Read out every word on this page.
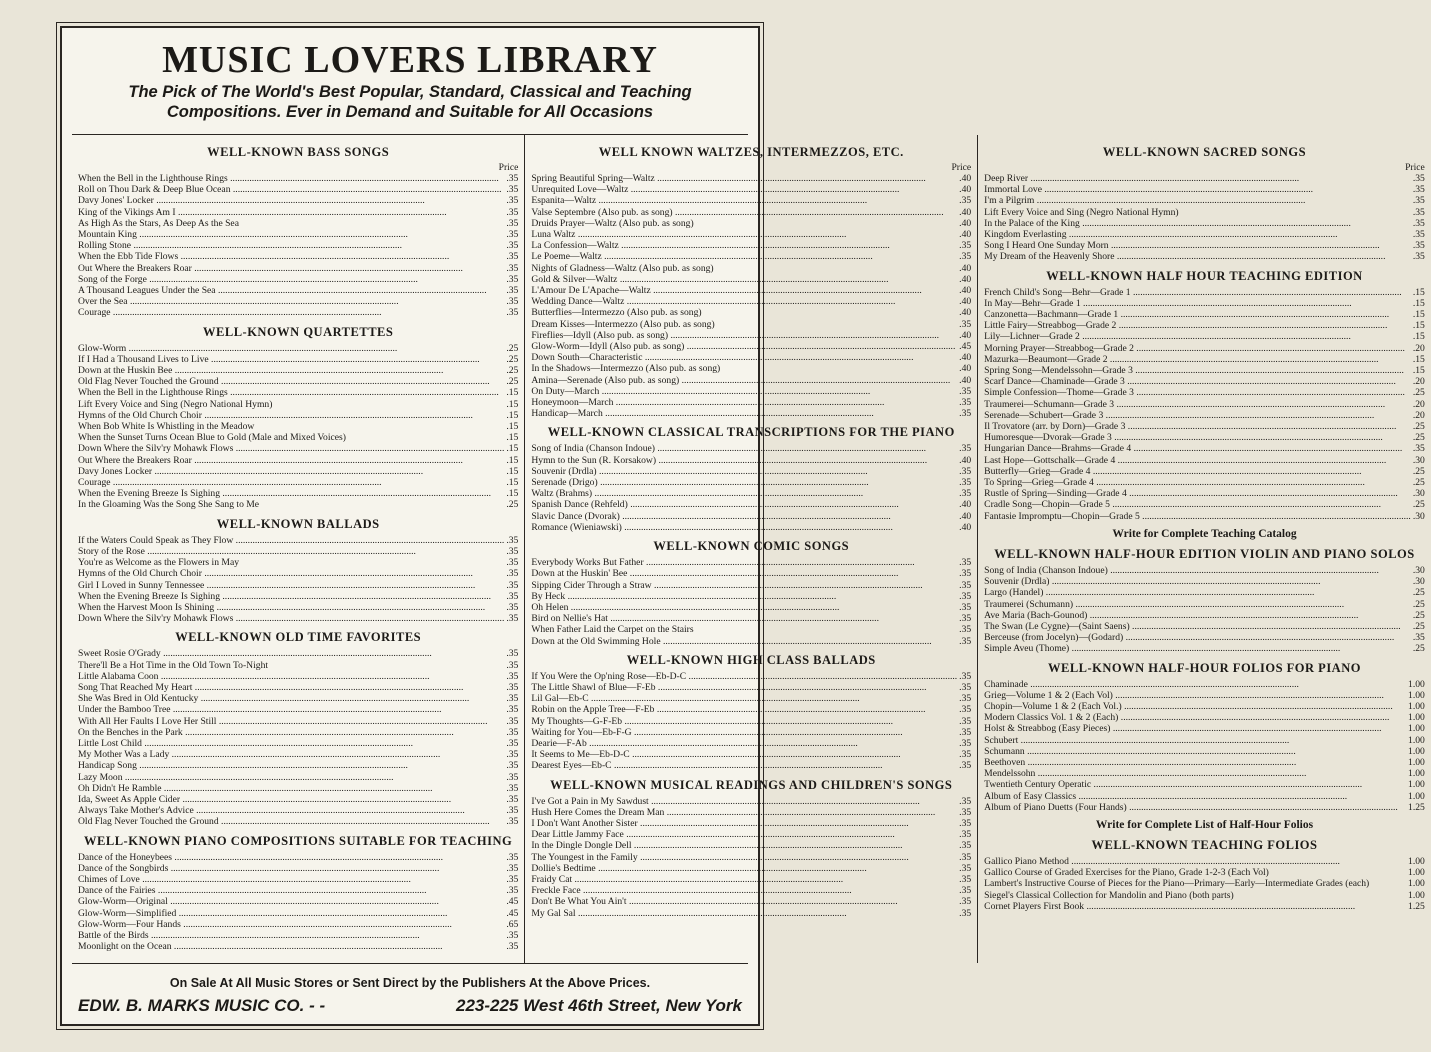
MUSIC LOVERS LIBRARY
The Pick of The World's Best Popular, Standard, Classical and Teaching
Compositions. Ever in Demand and Suitable for All Occasions
WELL-KNOWN BASS SONGS
Price
When the Bell in the Lighthouse Rings .....	.35
Roll on Thou Dark & Deep Blue Ocean .....	.35
Davy Jones' Locker .....	.35
King of the Vikings Am I .....	.35
As High As the Stars, As Deep As the Sea	.35
Mountain King .....	.35
Rolling Stone .....	.35
When the Ebb Tide Flows .....	.35
Out Where the Breakers Roar .....	.35
Song of the Forge .....	.35
A Thousand Leagues Under the Sea .....	.35
Over the Sea .....	.35
Courage .....	.35
WELL-KNOWN QUARTETTES
Glow-Worm .....	.25
If I Had a Thousand Lives to Live .....	.25
Down at the Huskin Bee .....	.25
Old Flag Never Touched the Ground .....	.25
When the Bell in the Lighthouse Rings .....	.15
Lift Every Voice and Sing (Negro National Hymn)	.15
Hymns of the Old Church Choir .....	.15
When Bob White Is Whistling in the Meadow	.15
When the Sunset Turns Ocean Blue to Gold (Male and Mixed Voices)	.15
Down Where the Silv'ry Mohawk Flows .....	.15
Out Where the Breakers Roar .....	.15
Davy Jones Locker .....	.15
Courage .....	.15
When the Evening Breeze Is Sighing .....	.15
In the Gloaming Was the Song She Sang to Me	.25
WELL-KNOWN BALLADS
If the Waters Could Speak as They Flow .....	.35
Story of the Rose .....	.35
You're as Welcome as the Flowers in May	.35
Hymns of the Old Church Choir .....	.35
Girl I Loved in Sunny Tennessee .....	.35
When the Evening Breeze Is Sighing .....	.35
When the Harvest Moon Is Shining .....	.35
Down Where the Silv'ry Mohawk Flows .....	.35
WELL-KNOWN OLD TIME FAVORITES
Sweet Rosie O'Grady .....	.35
There'll Be a Hot Time in the Old Town To-Night	.35
Little Alabama Coon .....	.35
Song That Reached My Heart .....	.35
She Was Bred in Old Kentucky .....	.35
Under the Bamboo Tree .....	.35
With All Her Faults I Love Her Still .....	.35
On the Benches in the Park .....	.35
Little Lost Child .....	.35
My Mother Was a Lady .....	.35
Handicap Song .....	.35
Lazy Moon .....	.35
Oh Didn't He Ramble .....	.35
Ida, Sweet As Apple Cider .....	.35
Always Take Mother's Advice .....	.35
Old Flag Never Touched the Ground .....	.35
WELL-KNOWN PIANO COMPOSITIONS SUITABLE FOR TEACHING
Dance of the Honeybees .....	.35
Dance of the Songbirds .....	.35
Chimes of Love .....	.35
Dance of the Fairies .....	.35
Glow-Worm—Original .....	.45
Glow-Worm—Simplified .....	.45
Glow-Worm—Four Hands .....	.65
Battle of the Birds .....	.35
Moonlight on the Ocean .....	.35
WELL KNOWN WALTZES, INTERMEZZOS, ETC.
Price
Spring Beautiful Spring—Waltz .....	.40
Unrequited Love—Waltz .....	.40
Espanita—Waltz .....	.35
Valse Septembre (Also pub. as song) .....	.40
Druids Prayer—Waltz (Also pub. as song)	.40
Luna Waltz .....	.40
La Confession—Waltz .....	.35
Le Poeme—Waltz .....	.35
Nights of Gladness—Waltz (Also pub. as song)	.40
Gold & Silver—Waltz .....	.40
L'Amour De L'Apache—Waltz .....	.40
Wedding Dance—Waltz .....	.40
Butterflies—Intermezzo (Also pub. as song)	.40
Dream Kisses—Intermezzo (Also pub. as song)	.35
Fireflies—Idyll (Also pub. as song) .....	.40
Glow-Worm—Idyll (Also pub. as song) .....	.45
Down South—Characteristic .....	.40
In the Shadows—Intermezzo (Also pub. as song)	.40
Amina—Serenade (Also pub. as song) .....	.40
On Duty—March .....	.35
Honeymoon—March .....	.35
Handicap—March .....	.35
WELL-KNOWN CLASSICAL TRANSCRIPTIONS FOR THE PIANO
Song of India (Chanson Indoue) .....	.35
Hymn to the Sun (R. Korsakow) .....	.40
Souvenir (Drdla) .....	.35
Serenade (Drigo) .....	.35
Waltz (Brahms) .....	.35
Spanish Dance (Rehfeld) .....	.40
Slavic Dance (Dvorak) .....	.40
Romance (Wieniawski) .....	.40
WELL-KNOWN COMIC SONGS
Everybody Works But Father .....	.35
Down at the Huskin' Bee .....	.35
Sipping Cider Through a Straw .....	.35
By Heck .....	.35
Oh Helen .....	.35
Bird on Nellie's Hat .....	.35
When Father Laid the Carpet on the Stairs	.35
Down at the Old Swimming Hole .....	.35
WELL-KNOWN HIGH CLASS BALLADS
If You Were the Op'ning Rose—Eb-D-C .....	.35
The Little Shawl of Blue—F-Eb .....	.35
Lil Gal—Eb-C .....	.35
Robin on the Apple Tree—F-Eb .....	.35
My Thoughts—G-F-Eb .....	.35
Waiting for You—Eb-F-G .....	.35
Dearie—F-Ab .....	.35
It Seems to Me—Eb-D-C .....	.35
Dearest Eyes—Eb-C .....	.35
WELL-KNOWN MUSICAL READINGS AND CHILDREN'S SONGS
I've Got a Pain in My Sawdust .....	.35
Hush Here Comes the Dream Man .....	.35
I Don't Want Another Sister .....	.35
Dear Little Jammy Face .....	.35
In the Dingle Dongle Dell .....	.35
The Youngest in the Family .....	.35
Dollie's Bedtime .....	.35
Fraidy Cat .....	.35
Freckle Face .....	.35
Don't Be What You Ain't .....	.35
My Gal Sal .....	.35
WELL-KNOWN SACRED SONGS
Price
Deep River .....	.35
Immortal Love .....	.35
I'm a Pilgrim .....	.35
Lift Every Voice and Sing (Negro National Hymn)	.35
In the Palace of the King .....	.35
Kingdom Everlasting .....	.35
Song I Heard One Sunday Morn .....	.35
My Dream of the Heavenly Shore .....	.35
WELL-KNOWN HALF HOUR TEACHING EDITION
French Child's Song—Behr—Grade 1 .....	.15
In May—Behr—Grade 1 .....	.15
Canzonetta—Bachmann—Grade 1 .....	.15
Little Fairy—Streabbog—Grade 2 .....	.15
Lily—Lichner—Grade 2 .....	.15
Morning Prayer—Streabbog—Grade 2 .....	.20
Mazurka—Beaumont—Grade 2 .....	.15
Spring Song—Mendelssohn—Grade 3 .....	.15
Scarf Dance—Chaminade—Grade 3 .....	.20
Simple Confession—Thome—Grade 3 .....	.25
Traumerei—Schumann—Grade 3 .....	.20
Serenade—Schubert—Grade 3 .....	.20
Il Trovatore (arr. by Dorn)—Grade 3 .....	.25
Humoresque—Dvorak—Grade 3 .....	.25
Hungarian Dance—Brahms—Grade 4 .....	.35
Last Hope—Gottschalk—Grade 4 .....	.30
Butterfly—Grieg—Grade 4 .....	.25
To Spring—Grieg—Grade 4 .....	.25
Rustle of Spring—Sinding—Grade 4 .....	.30
Cradle Song—Chopin—Grade 5 .....	.25
Fantasie Impromptu—Chopin—Grade 5 .....	.30
Write for Complete Teaching Catalog
WELL-KNOWN HALF-HOUR EDITION VIOLIN AND PIANO SOLOS
Song of India (Chanson Indoue) .....	.30
Souvenir (Drdla) .....	.30
Largo (Handel) .....	.25
Traumerei (Schumann) .....	.25
Ave Maria (Bach-Gounod) .....	.25
The Swan (Le Cygne)—(Saint Saens) .....	.25
Berceuse (from Jocelyn)—(Godard) .....	.35
Simple Aveu (Thome) .....	.25
WELL-KNOWN HALF-HOUR FOLIOS FOR PIANO
Chaminade .....	1.00
Grieg—Volume 1 & 2 (Each Vol) .....	1.00
Chopin—Volume 1 & 2 (Each Vol.) .....	1.00
Modern Classics Vol. 1 & 2 (Each) .....	1.00
Holst & Streabbog (Easy Pieces) .....	1.00
Schubert .....	1.00
Schumann .....	1.00
Beethoven .....	1.00
Mendelssohn .....	1.00
Twentieth Century Operatic .....	1.00
Album of Easy Classics .....	1.00
Album of Piano Duetts (Four Hands) .....	1.25
Write for Complete List of Half-Hour Folios
WELL-KNOWN TEACHING FOLIOS
Gallico Piano Method .....	1.00
Gallico Course of Graded Exercises for the Piano, Grade 1-2-3 (Each Vol)	1.00
Lambert's Instructive Course of Pieces for the Piano—Primary—Early—Intermediate Grades (each)	1.00
Siegel's Classical Collection for Mandolin and Piano (both parts)	1.00
Cornet Players First Book .....	1.25
On Sale At All Music Stores or Sent Direct by the Publishers At the Above Prices.
EDW. B. MARKS MUSIC CO. - -	223-225 West 46th Street, New York
